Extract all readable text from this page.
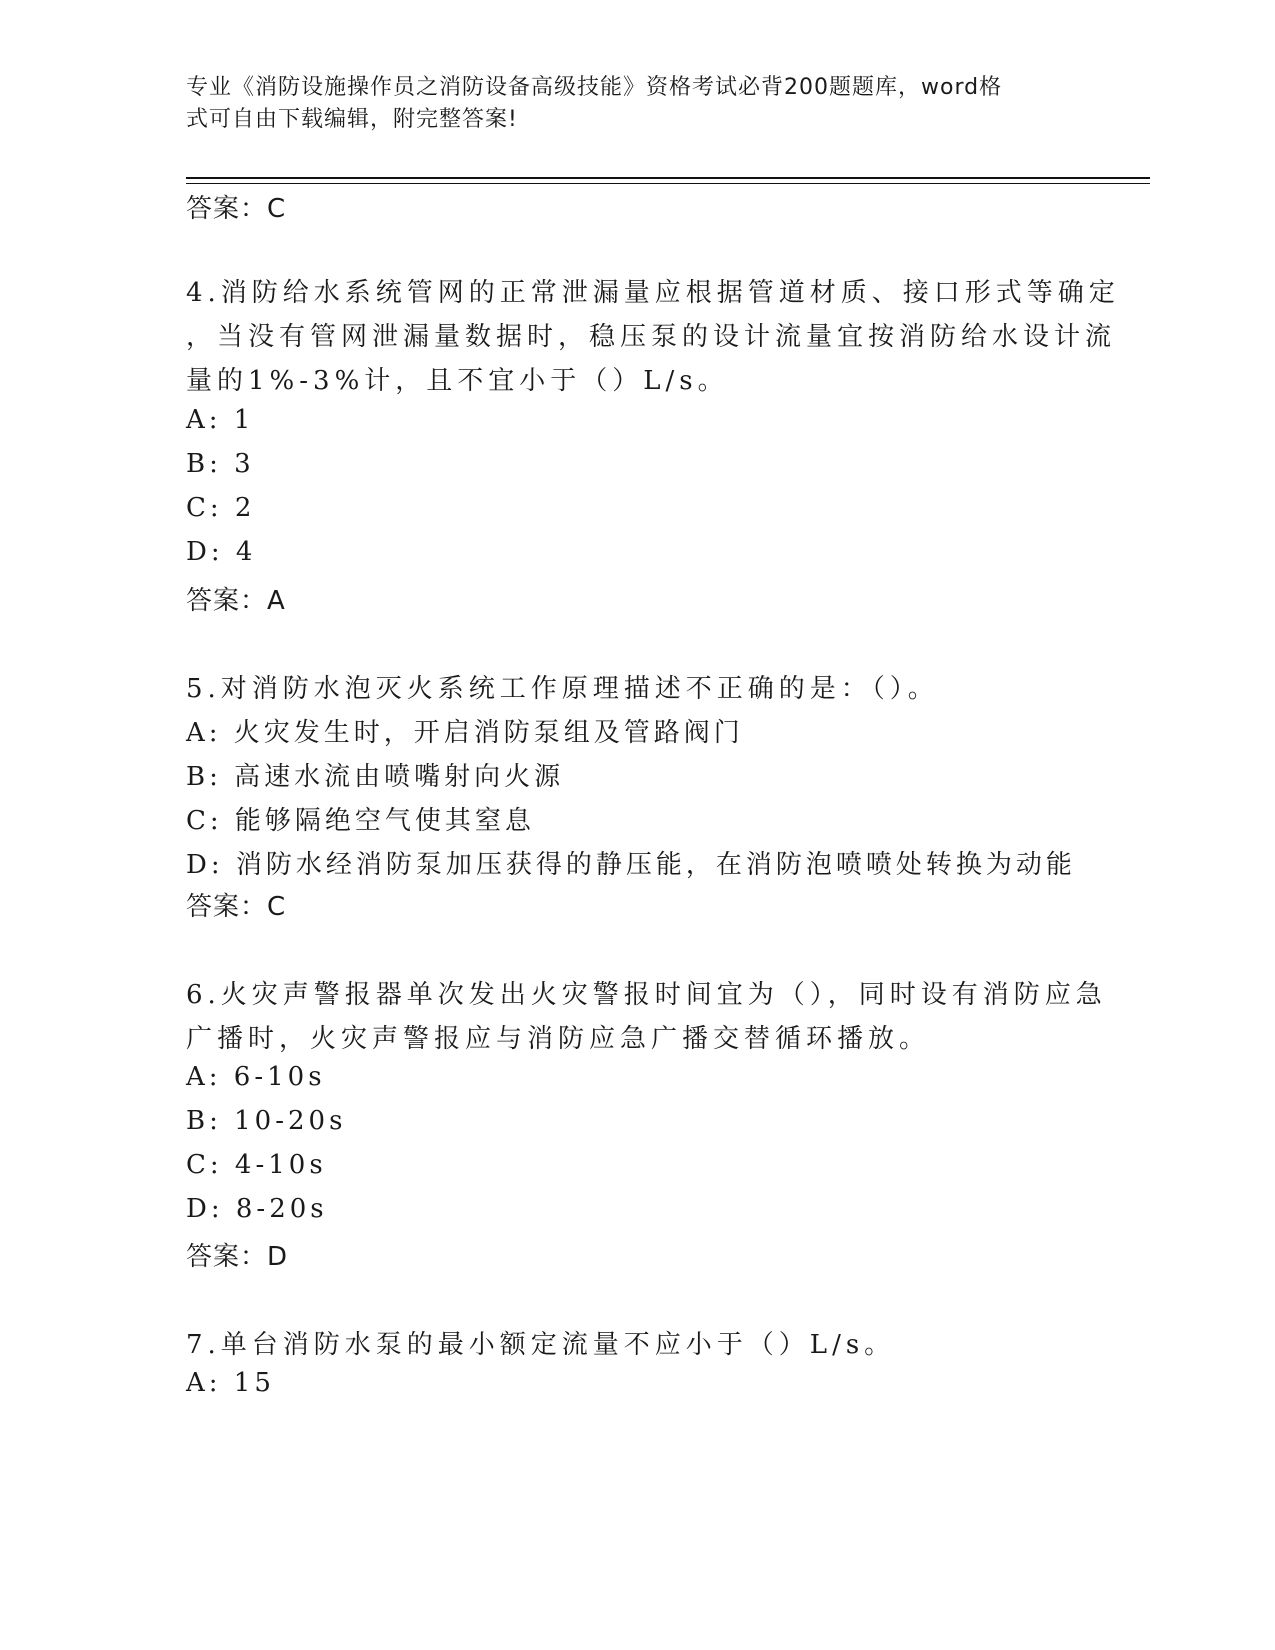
专业《消防设施操作员之消防设备高级技能》资格考试必背200题题库，word格
式可自由下载编辑，附完整答案!
答案：C
4.消防给水系统管网的正常泄漏量应根据管道材质、接口形式等确定
，当没有管网泄漏量数据时，稳压泵的设计流量宜按消防给水设计流
量的1%-3%计，且不宜小于（）L/s。
A: 1
B: 3
C: 2
D: 4
答案：A
5.对消防水泡灭火系统工作原理描述不正确的是：（）。
A: 火灾发生时，开启消防泵组及管路阀门
B: 高速水流由喷嘴射向火源
C: 能够隔绝空气使其窒息
D: 消防水经消防泵加压获得的静压能，在消防泡喷喷处转换为动能
答案：C
6.火灾声警报器单次发出火灾警报时间宜为（），同时设有消防应急
广播时，火灾声警报应与消防应急广播交替循环播放。
A: 6-10s
B: 10-20s
C: 4-10s
D: 8-20s
答案：D
7.单台消防水泵的最小额定流量不应小于（）L/s。
A: 15
